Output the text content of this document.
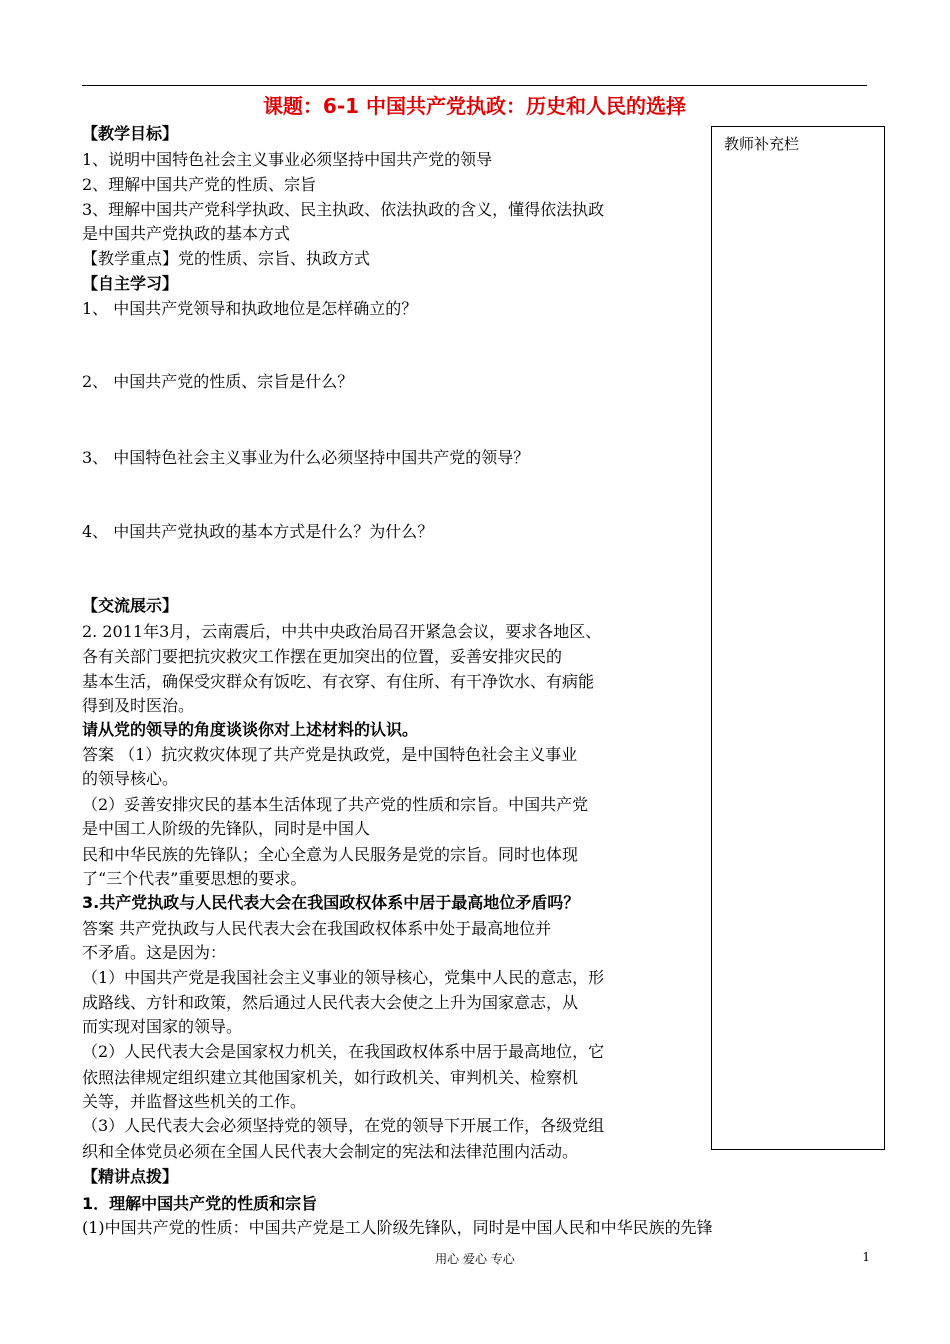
课题：6-1 中国共产党执政：历史和人民的选择
教师补充栏
【教学目标】
1、说明中国特色社会主义事业必须坚持中国共产党的领导
2、理解中国共产党的性质、宗旨
3、理解中国共产党科学执政、民主执政、依法执政的含义，懂得依法执政
是中国共产党执政的基本方式
【教学重点】党的性质、宗旨、执政方式
【自主学习】
1、 中国共产党领导和执政地位是怎样确立的？
2、 中国共产党的性质、宗旨是什么？
3、 中国特色社会主义事业为什么必须坚持中国共产党的领导？
4、 中国共产党执政的基本方式是什么？为什么？
【交流展示】
2. 2011年3月，云南震后，中共中央政治局召开紧急会议，要求各地区、
各有关部门要把抗灾救灾工作摆在更加突出的位置，妥善安排灾民的
基本生活，确保受灾群众有饭吃、有衣穿、有住所、有干净饮水、有病能
得到及时医治。
请从党的领导的角度谈谈你对上述材料的认识。
答案 （1）抗灾救灾体现了共产党是执政党，是中国特色社会主义事业
的领导核心。
（2）妥善安排灾民的基本生活体现了共产党的性质和宗旨。中国共产党
是中国工人阶级的先锋队，同时是中国人
民和中华民族的先锋队；全心全意为人民服务是党的宗旨。同时也体现
了“三个代表”重要思想的要求。
3.共产党执政与人民代表大会在我国政权体系中居于最高地位矛盾吗？
答案 共产党执政与人民代表大会在我国政权体系中处于最高地位并
不矛盾。这是因为：
（1）中国共产党是我国社会主义事业的领导核心，党集中人民的意志，形
成路线、方针和政策，然后通过人民代表大会使之上升为国家意志，从
而实现对国家的领导。
（2）人民代表大会是国家权力机关，在我国政权体系中居于最高地位，它
依照法律规定组织建立其他国家机关，如行政机关、审判机关、检察机
关等，并监督这些机关的工作。
（3）人民代表大会必须坚持党的领导，在党的领导下开展工作，各级党组
织和全体党员必须在全国人民代表大会制定的宪法和法律范围内活动。
【精讲点拨】
1．理解中国共产党的性质和宗旨
(1)中国共产党的性质：中国共产党是工人阶级先锋队，同时是中国人民和中华民族的先锋
用心 爱心 专心	1
